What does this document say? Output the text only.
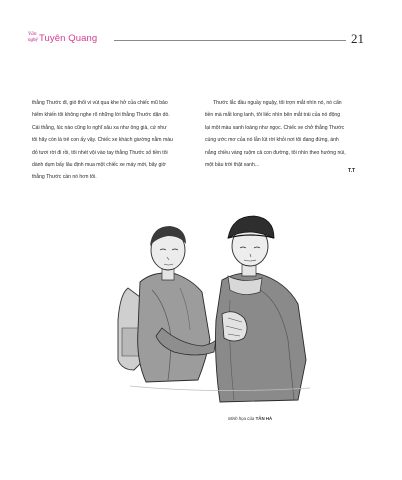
Văn
nghệ Tuyên Quang	21

thằng Thước đi, gió thổi vi vút qua khe hở của chiếc mũ bảo
hiểm khiến tôi không nghe rõ những lời thằng Thước dặn dò.
Cái thằng, lúc nào cũng lo nghĩ sâu xa như ông già, cứ như
tôi hãy còn là trẻ con ấy vậy. Chiếc xe khách giường nằm màu
đỏ tươi rời đi rồi, tôi nhét vội vào tay thằng Thước số tiền tôi
dành dụm bấy lâu định mua một chiếc xe máy mới, bây giờ
thằng Thước cần nó hơn tôi.

Thước lắc đầu nguầy nguậy, tôi trợn mắt nhìn nó, nó cẩn
tiền mà mắt long lanh, tôi liếc nhìn bên mắt trái của nó động
lại một màu xanh loáng như ngọc. Chiếc xe chở thằng Thước
cùng ước mơ của nó lẫn lút rời khỏi nơi tôi đang đứng, ánh
nắng chiều vàng ruộm cả con đường, tôi nhìn theo hướng núi,
một bầu trời thật xanh...

T.T
Minh họa của TÂN HÀ
